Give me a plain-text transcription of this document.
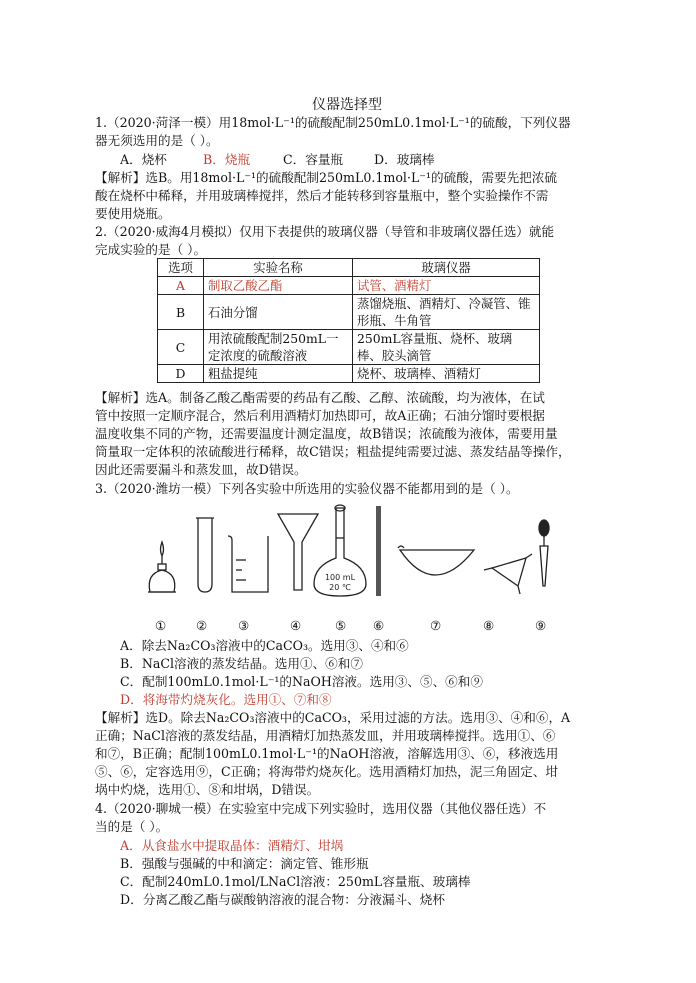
仪器选择型
1.（2020·菏泽一模）用18mol·L⁻¹的硫酸配制250mL0.1mol·L⁻¹的硫酸，下列仪器
器无须选用的是（ ）。
A．烧杯	B．烧瓶	C．容量瓶 D．玻璃棒
【解析】选B。用18mol·L⁻¹的硫酸配制250mL0.1mol·L⁻¹的硫酸，需要先把浓硫
酸在烧杯中稀释，并用玻璃棒搅拌，然后才能转移到容量瓶中，整个实验操作不需
要使用烧瓶。
2.（2020·威海4月模拟）仅用下表提供的玻璃仪器（导管和非玻璃仪器任选）就能
完成实验的是（ ）。
选项	实验名称	玻璃仪器
A	制取乙酸乙酯	试管、酒精灯
B	石油分馏	蒸馏烧瓶、酒精灯、冷凝管、锥形瓶、牛角管
C	用浓硫酸配制250mL一定浓度的硫酸溶液	250mL容量瓶、烧杯、玻璃棒、胶头滴管
D	粗盐提纯	烧杯、玻璃棒、酒精灯
【解析】选A。制备乙酸乙酯需要的药品有乙酸、乙醇、浓硫酸，均为液体，在试
管中按照一定顺序混合，然后利用酒精灯加热即可，故A正确；石油分馏时要根据
温度收集不同的产物，还需要温度计测定温度，故B错误；浓硫酸为液体，需要用量
筒量取一定体积的浓硫酸进行稀释，故C错误；粗盐提纯需要过滤、蒸发结晶等操作，
因此还需要漏斗和蒸发皿，故D错误。
3.（2020·潍坊一模）下列各实验中所选用的实验仪器不能都用到的是（ ）。
100 mL
20 ℃
① ② ③	④	⑤ ⑥	⑦	⑧	⑨
A．除去Na₂CO₃溶液中的CaCO₃。选用③、④和⑥
B．NaCl溶液的蒸发结晶。选用①、⑥和⑦
C．配制100mL0.1mol·L⁻¹的NaOH溶液。选用③、⑤、⑥和⑨
D．将海带灼烧灰化。选用①、⑦和⑧
【解析】选D。除去Na₂CO₃溶液中的CaCO₃，采用过滤的方法。选用③、④和⑥，A
正确；NaCl溶液的蒸发结晶，用酒精灯加热蒸发皿，并用玻璃棒搅拌。选用①、⑥
和⑦，B正确；配制100mL0.1mol·L⁻¹的NaOH溶液，溶解选用③、⑥，移液选用
⑤、⑥，定容选用⑨，C正确；将海带灼烧灰化。选用酒精灯加热，泥三角固定、坩
埚中灼烧，选用①、⑧和坩埚，D错误。
4.（2020·聊城一模）在实验室中完成下列实验时，选用仪器（其他仪器任选）不
当的是（ ）。
A．从食盐水中提取晶体：酒精灯、坩埚
B．强酸与强碱的中和滴定：滴定管、锥形瓶
C．配制240mL0.1mol/LNaCl溶液：250mL容量瓶、玻璃棒
D．分离乙酸乙酯与碳酸钠溶液的混合物：分液漏斗、烧杯
